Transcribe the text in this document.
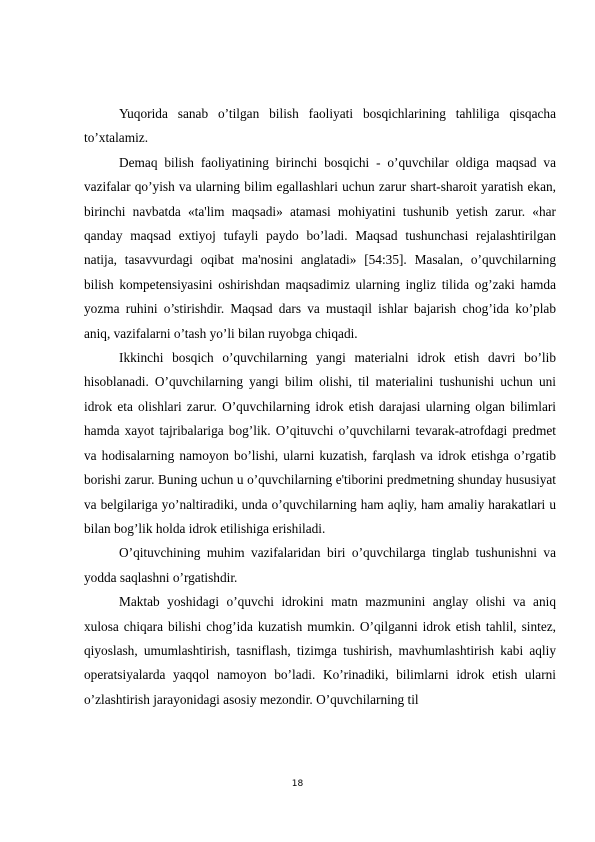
Yuqorida sanab o’tilgan bilish faoliyati bosqichlarining tahliliga qisqacha to’xtalamiz.

Demaq bilish faoliyatining birinchi bosqichi - o’quvchilar oldiga maqsad va vazifalar qo’yish va ularning bilim egallashlari uchun zarur shart-sharoit yaratish ekan, birinchi navbatda «ta'lim maqsadi» atamasi mohiyatini tushunib yetish zarur. «har qanday maqsad extiyoj tufayli paydo bo’ladi. Maqsad tushunchasi rejalashtirilgan natija, tasavvurdagi oqibat ma'nosini anglatadi» [54:35]. Masalan, o’quvchilarning bilish kompetensiyasini oshirishdan maqsadimiz ularning ingliz tilida og’zaki hamda yozma ruhini o’stirishdir. Maqsad dars va mustaqil ishlar bajarish chog’ida ko’plab aniq, vazifalarni o’tash yo’li bilan ruyobga chiqadi.

Ikkinchi bosqich o’quvchilarning yangi materialni idrok etish davri bo’lib hisoblanadi. O’quvchilarning yangi bilim olishi, til materialini tushunishi uchun uni idrok eta olishlari zarur. O’quvchilarning idrok etish darajasi ularning olgan bilimlari hamda xayot tajribalariga bog’lik. O’qituvchi o’quvchilarni tevarak-atrofdagi predmet va hodisalarning namoyon bo’lishi, ularni kuzatish, farqlash va idrok etishga o’rgatib borishi zarur. Buning uchun u o’quvchilarning e'tiborini predmetning shunday hususiyat va belgilariga yo’naltiradiki, unda o’quvchilarning ham aqliy, ham amaliy harakatlari u bilan bog’lik holda idrok etilishiga erishiladi.

O’qituvchining muhim vazifalaridan biri o’quvchilarga tinglab tushunishni va yodda saqlashni o’rgatishdir.

Maktab yoshidagi o’quvchi idrokini matn mazmunini anglay olishi va aniq xulosa chiqara bilishi chog’ida kuzatish mumkin. O’qilganni idrok etish tahlil, sintez, qiyoslash, umumlashtirish, tasniflash, tizimga tushirish, mavhumlashtirish kabi aqliy operatsiyalarda yaqqol namoyon bo’ladi. Ko’rinadiki, bilimlarni idrok etish ularni o’zlashtirish jarayonidagi asosiy mezondir. O’quvchilarning til

18
